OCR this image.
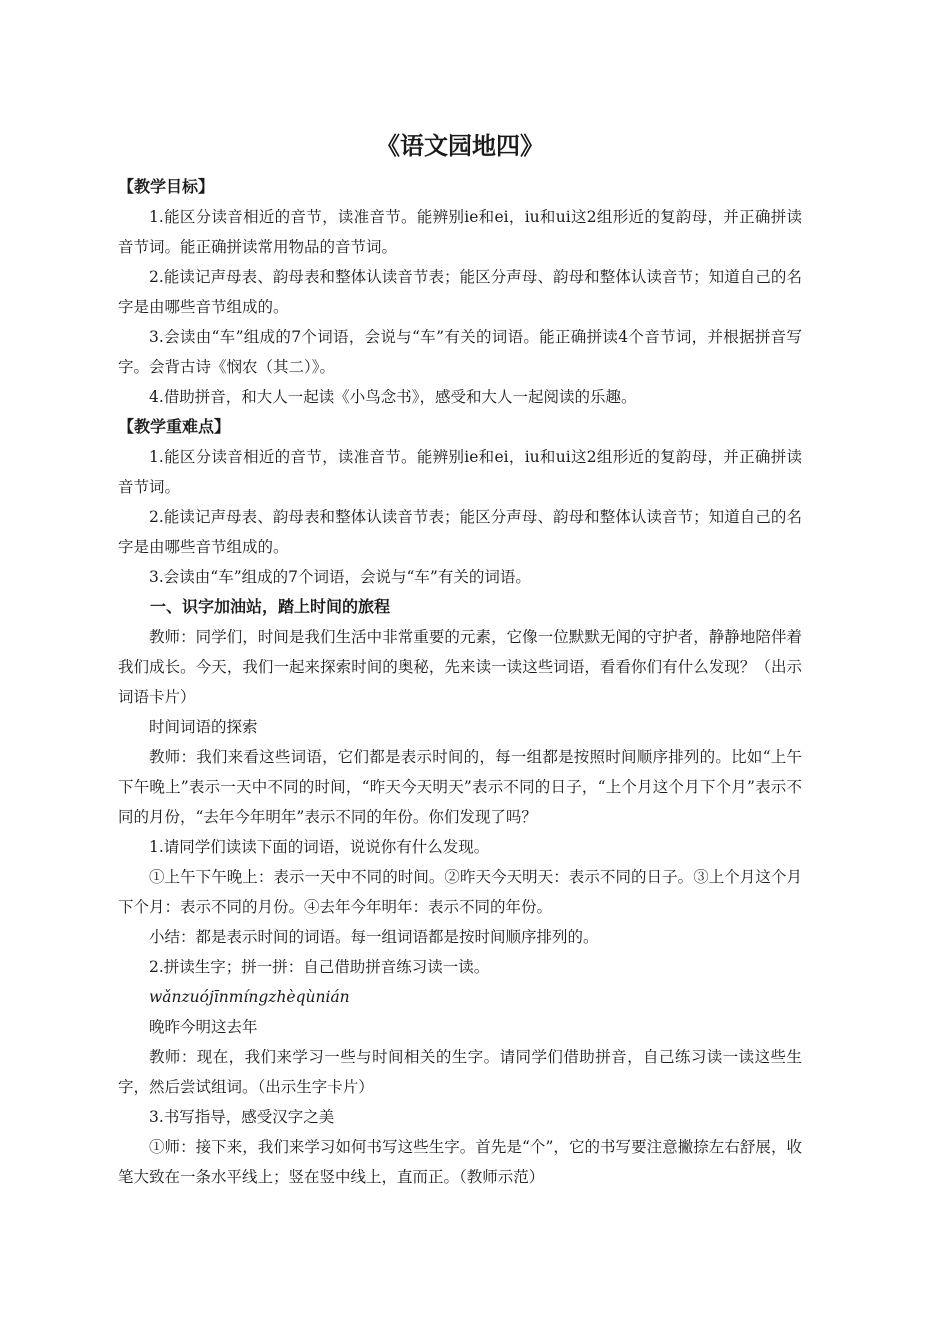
《语文园地四》
【教学目标】
1.能区分读音相近的音节，读准音节。能辨别ie和ei，iu和ui这2组形近的复韵母，并正确拼读音节词。能正确拼读常用物品的音节词。
2.能读记声母表、韵母表和整体认读音节表；能区分声母、韵母和整体认读音节；知道自己的名字是由哪些音节组成的。
3.会读由“车”组成的7个词语，会说与“车”有关的词语。能正确拼读4个音节词，并根据拼音写字。会背古诗《悯农（其二）》。
4.借助拼音，和大人一起读《小鸟念书》，感受和大人一起阅读的乐趣。
【教学重难点】
1.能区分读音相近的音节，读准音节。能辨别ie和ei，iu和ui这2组形近的复韵母，并正确拼读音节词。
2.能读记声母表、韵母表和整体认读音节表；能区分声母、韵母和整体认读音节；知道自己的名字是由哪些音节组成的。
3.会读由“车”组成的7个词语，会说与“车”有关的词语。
一、识字加油站，踏上时间的旅程
教师：同学们，时间是我们生活中非常重要的元素，它像一位默默无闻的守护者，静静地陪伴着我们成长。今天，我们一起来探索时间的奥秘，先来读一读这些词语，看看你们有什么发现？（出示词语卡片）
时间词语的探索
教师：我们来看这些词语，它们都是表示时间的，每一组都是按照时间顺序排列的。比如“上午下午晚上”表示一天中不同的时间，“昨天今天明天”表示不同的日子，“上个月这个月下个月”表示不同的月份，“去年今年明年”表示不同的年份。你们发现了吗？
1.请同学们读读下面的词语，说说你有什么发现。
①上午下午晚上：表示一天中不同的时间。②昨天今天明天：表示不同的日子。③上个月这个月下个月：表示不同的月份。④去年今年明年：表示不同的年份。
小结：都是表示时间的词语。每一组词语都是按时间顺序排列的。
2.拼读生字；拼一拼：自己借助拼音练习读一读。
wǎnzuójīnmíngzhèqùnián
晚昨今明这去年
教师：现在，我们来学习一些与时间相关的生字。请同学们借助拼音，自己练习读一读这些生字，然后尝试组词。（出示生字卡片）
3.书写指导，感受汉字之美
①师：接下来，我们来学习如何书写这些生字。首先是“个”，它的书写要注意撇捺左右舒展，收笔大致在一条水平线上；竖在竖中线上，直而正。（教师示范）
